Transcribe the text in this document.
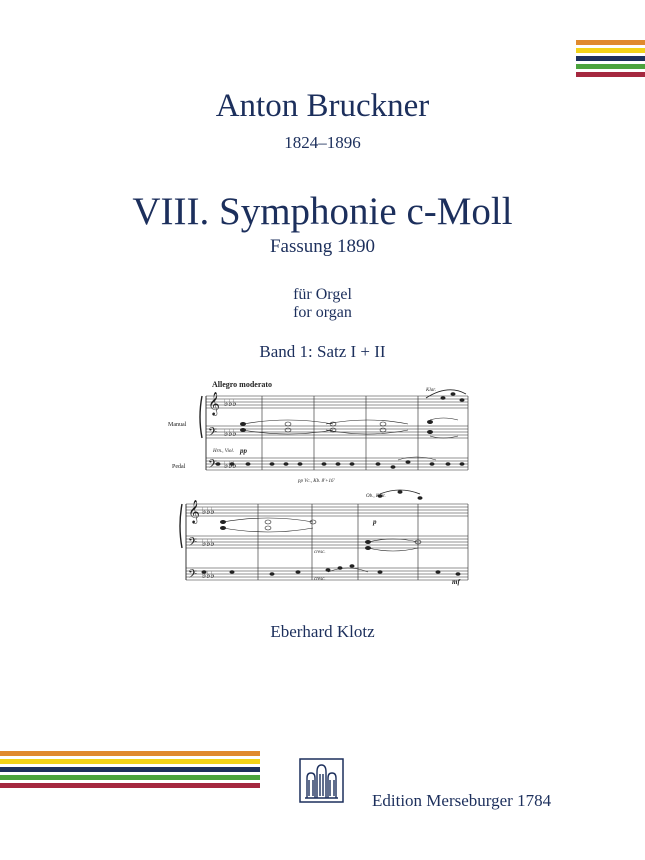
Anton Bruckner
1824–1896
VIII. Symphonie c-Moll
Fassung 1890
für Orgel
for organ
Band 1: Satz I + II
𝄞
𝄢
𝄢
𝄞
𝄢
𝄢
♭♭♭
♭♭♭
♭♭♭
♭♭♭
♭♭♭
♭♭♭
Allegro moderato
Manual
Pedal
Klar.
Hrn., Viol. pp
pp Vc., Kb. 8'+16'
Ob., Klar.
p
cresc.
cresc.	mf
Eberhard Klotz
Edition Merseburger 1784
